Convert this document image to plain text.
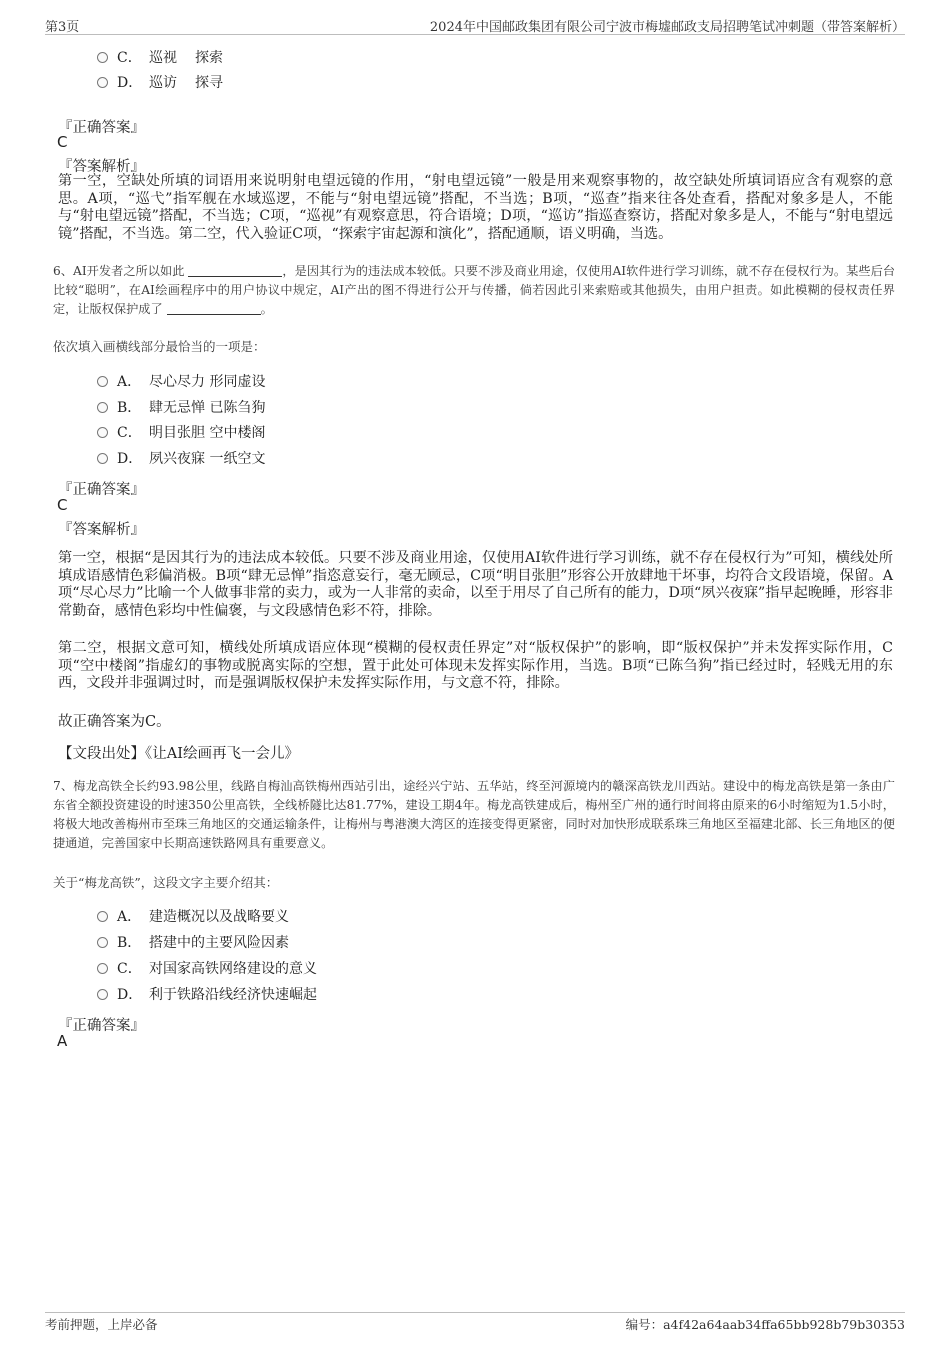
第3页	2024年中国邮政集团有限公司宁波市梅墟邮政支局招聘笔试冲刺题（带答案解析）
C． 巡视 探索
D． 巡访 探寻
『正确答案』
C
『答案解析』

第一空，空缺处所填的词语用来说明射电望远镜的作用，“射电望远镜”一般是用来观察事物的，故空缺处所填词语应含有观察的意思。A项，“巡弋”指军舰在水域巡逻，不能与“射电望远镜”搭配，不当选；B项，“巡查”指来往各处查看，搭配对象多是人，不能与“射电望远镜”搭配，不当选；C项，“巡视”有观察意思，符合语境；D项，“巡访”指巡查察访，搭配对象多是人，不能与“射电望远镜”搭配，不当选。第二空，代入验证C项，“探索宇宙起源和演化”，搭配通顺，语义明确，当选。

6、AI开发者之所以如此	，是因其行为的违法成本较低。只要不涉及商业用途，仅使用AI软件进行学习训练，就不存在侵权行为。某些后台比较“聪明”，在AI绘画程序中的用户协议中规定，AI产出的图不得进行公开与传播，倘若因此引来索赔或其他损失，由用户担责。如此模糊的侵权责任界定，让版权保护成了	。

依次填入画横线部分最恰当的一项是：
A． 尽心尽力 形同虚设
B． 肆无忌惮 已陈刍狗
C． 明目张胆 空中楼阁
D． 夙兴夜寐 一纸空文
『正确答案』
C
『答案解析』

第一空，根据“是因其行为的违法成本较低。只要不涉及商业用途，仅使用AI软件进行学习训练，就不存在侵权行为”可知，横线处所填成语感情色彩偏消极。B项“肆无忌惮”指恣意妄行，毫无顾忌，C项“明目张胆”形容公开放肆地干坏事，均符合文段语境，保留。A项“尽心尽力”比喻一个人做事非常的卖力，或为一人非常的卖命，以至于用尽了自己所有的能力，D项“夙兴夜寐”指早起晚睡，形容非常勤奋，感情色彩均中性偏褒，与文段感情色彩不符，排除。

第二空，根据文意可知，横线处所填成语应体现“模糊的侵权责任界定”对“版权保护”的影响，即“版权保护”并未发挥实际作用，C项“空中楼阁”指虚幻的事物或脱离实际的空想，置于此处可体现未发挥实际作用，当选。B项“已陈刍狗”指已经过时，轻贱无用的东西，文段并非强调过时，而是强调版权保护未发挥实际作用，与文意不符，排除。

故正确答案为C。
【文段出处】《让AI绘画再飞一会儿》

7、梅龙高铁全长约93.98公里，线路自梅汕高铁梅州西站引出，途经兴宁站、五华站，终至河源境内的赣深高铁龙川西站。建设中的梅龙高铁是第一条由广东省全额投资建设的时速350公里高铁，全线桥隧比达81.77%，建设工期4年。梅龙高铁建成后，梅州至广州的通行时间将由原来的6小时缩短为1.5小时，将极大地改善梅州市至珠三角地区的交通运输条件，让梅州与粤港澳大湾区的连接变得更紧密，同时对加快形成联系珠三角地区至福建北部、长三角地区的便捷通道，完善国家中长期高速铁路网具有重要意义。

关于“梅龙高铁”，这段文字主要介绍其：
A． 建造概况以及战略要义
B． 搭建中的主要风险因素
C． 对国家高铁网络建设的意义
D． 利于铁路沿线经济快速崛起
『正确答案』
A
考前押题，上岸必备	编号：a4f42a64aab34ffa65bb928b79b30353
